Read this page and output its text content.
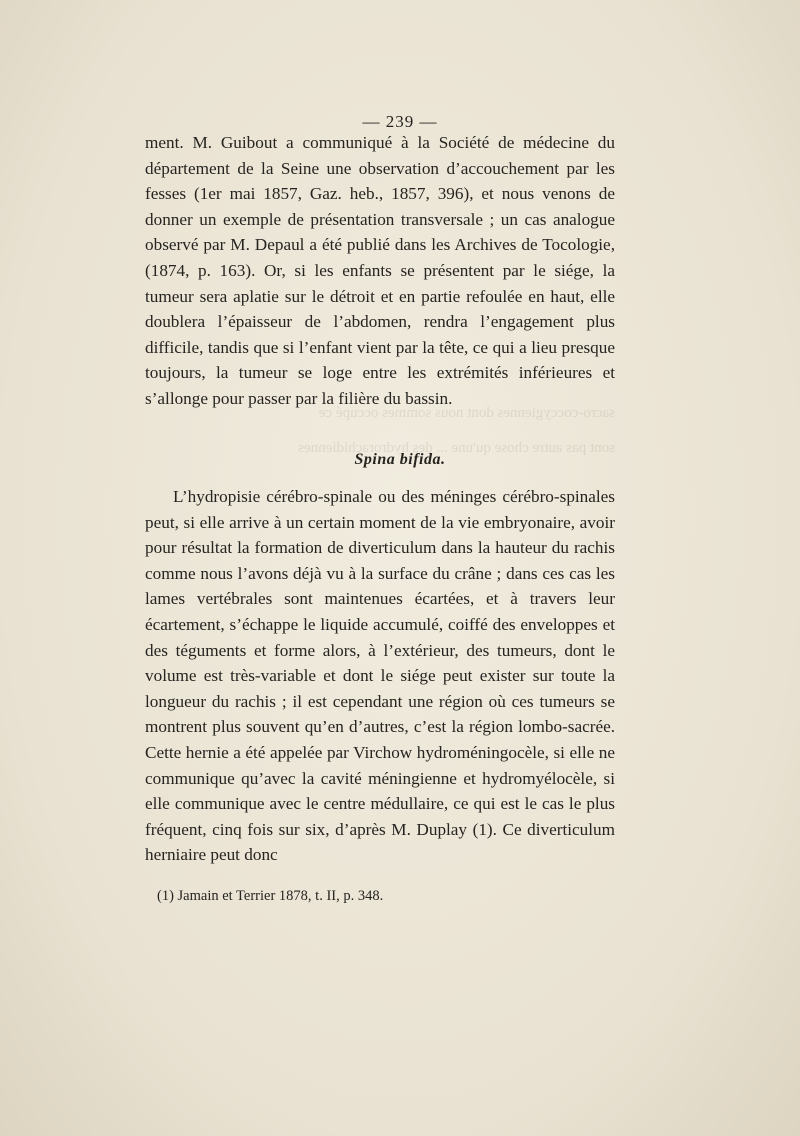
sacro-coccygiennes dont nous sommes occupé ce
sont pas autre chose qu'une ... des hydrorachidiennes
— 239 —

ment. M. Guibout a communiqué à la Société de médecine du département de la Seine une observation d’accouchement par les fesses (1er mai 1857, Gaz. heb., 1857, 396), et nous venons de donner un exemple de présentation transversale ; un cas analogue observé par M. Depaul a été publié dans les Archives de Tocologie, (1874, p. 163). Or, si les enfants se présentent par le siége, la tumeur sera aplatie sur le détroit et en partie refoulée en haut, elle doublera l’épaisseur de l’abdomen, rendra l’engagement plus difficile, tandis que si l’enfant vient par la tête, ce qui a lieu presque toujours, la tumeur se loge entre les extrémités inférieures et s’allonge pour passer par la filière du bassin.

Spina bifida.

L’hydropisie cérébro-spinale ou des méninges cérébro-spinales peut, si elle arrive à un certain moment de la vie embryonaire, avoir pour résultat la formation de diverticulum dans la hauteur du rachis comme nous l’avons déjà vu à la surface du crâne ; dans ces cas les lames vertébrales sont maintenues écartées, et à travers leur écartement, s’échappe le liquide accumulé, coiffé des enveloppes et des téguments et forme alors, à l’extérieur, des tumeurs, dont le volume est très-variable et dont le siége peut exister sur toute la longueur du rachis ; il est cependant une région où ces tumeurs se montrent plus souvent qu’en d’autres, c’est la région lombo-sacrée. Cette hernie a été appelée par Virchow hydroméningocèle, si elle ne communique qu’avec la cavité méningienne et hydromyélocèle, si elle communique avec le centre médullaire, ce qui est le cas le plus fréquent, cinq fois sur six, d’après M. Duplay (1). Ce diverticulum herniaire peut donc

(1) Jamain et Terrier 1878, t. II, p. 348.
